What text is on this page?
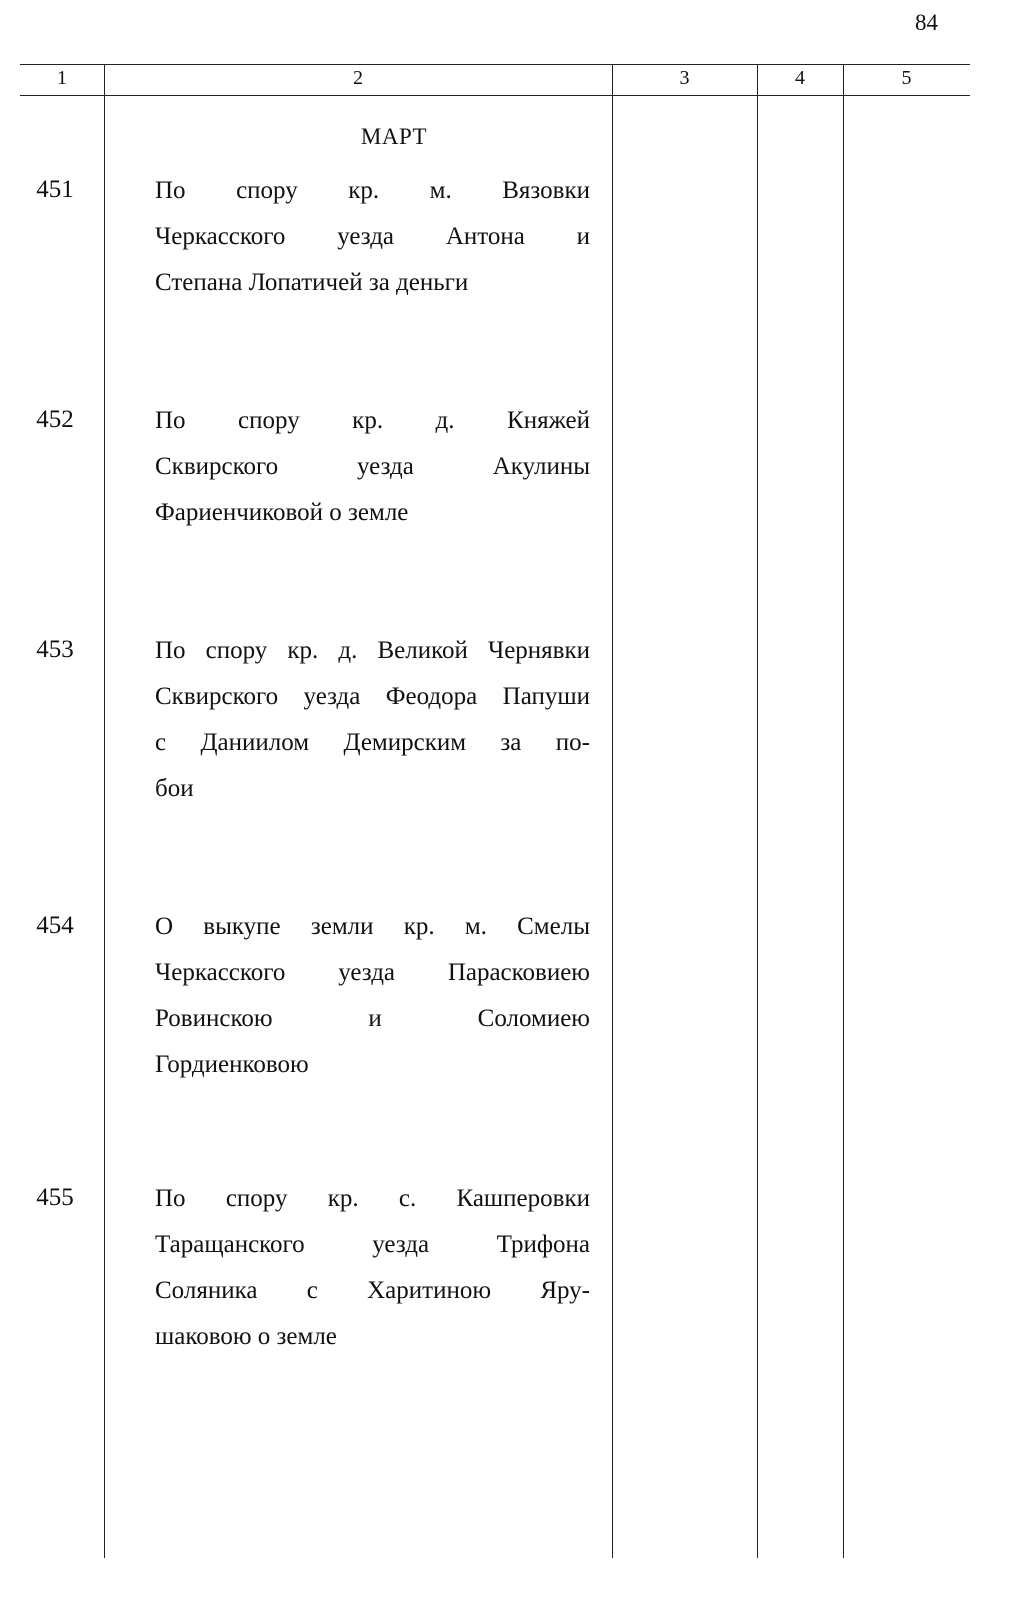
84
1	2	3	4	5
МАРТ
451	По спору кр. м. Вязовки
Черкасского уезда Антона и
Степана Лопатичей за деньги
452	По спору кр. д. Княжей
Сквирского уезда Акулины
Фариенчиковой о земле
453	По спору кр. д. Великой Чернявки
Сквирского уезда Феодора Папуши
с Даниилом Демирским за по-
бои
454	О выкупе земли кр. м. Смелы
Черкасского уезда Парасковиею
Ровинскою и Соломиею
Гордиенковою
455	По спору кр. с. Кашперовки
Таращанского уезда Трифона
Соляника с Харитиною Яру-
шаковою о земле
